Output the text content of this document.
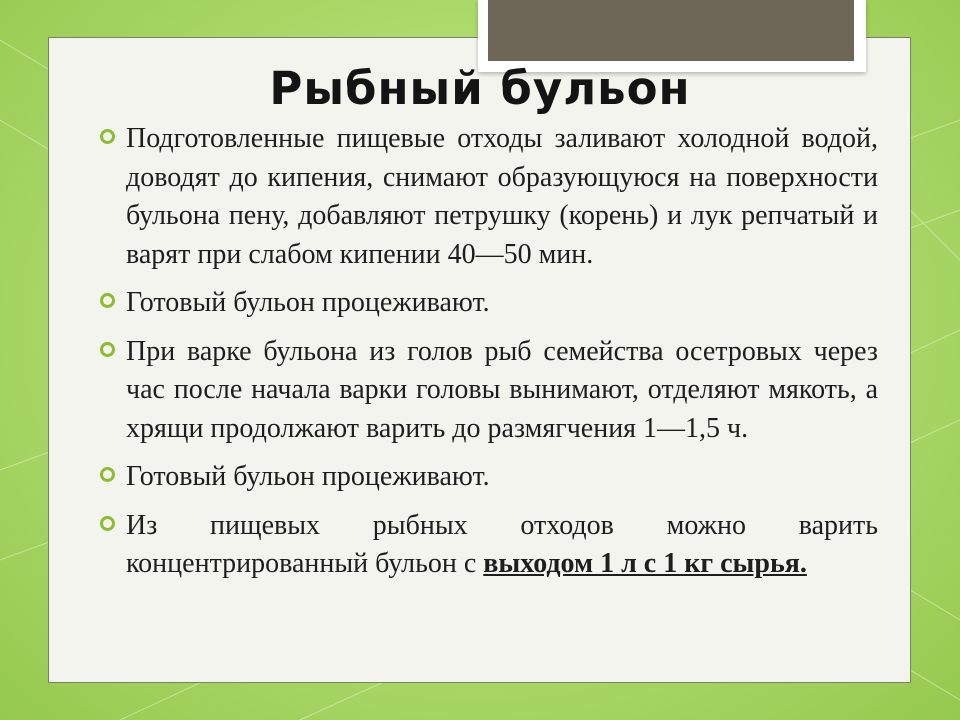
Рыбный бульон
Подготовленные пищевые отходы заливают холодной водой, доводят до кипения, снимают образующуюся на поверхности бульона пену, добавляют петрушку (корень) и лук репчатый и варят при слабом кипении 40—50 мин.
Готовый бульон процеживают.
При варке бульона из голов рыб семейства осетровых через час после начала варки головы вынимают, отделяют мякоть, а хрящи продолжают варить до размягчения 1—1,5 ч.
Готовый бульон процеживают.
Из пищевых рыбных отходов можно варить концентрированный бульон с выходом 1 л с 1 кг сырья.
